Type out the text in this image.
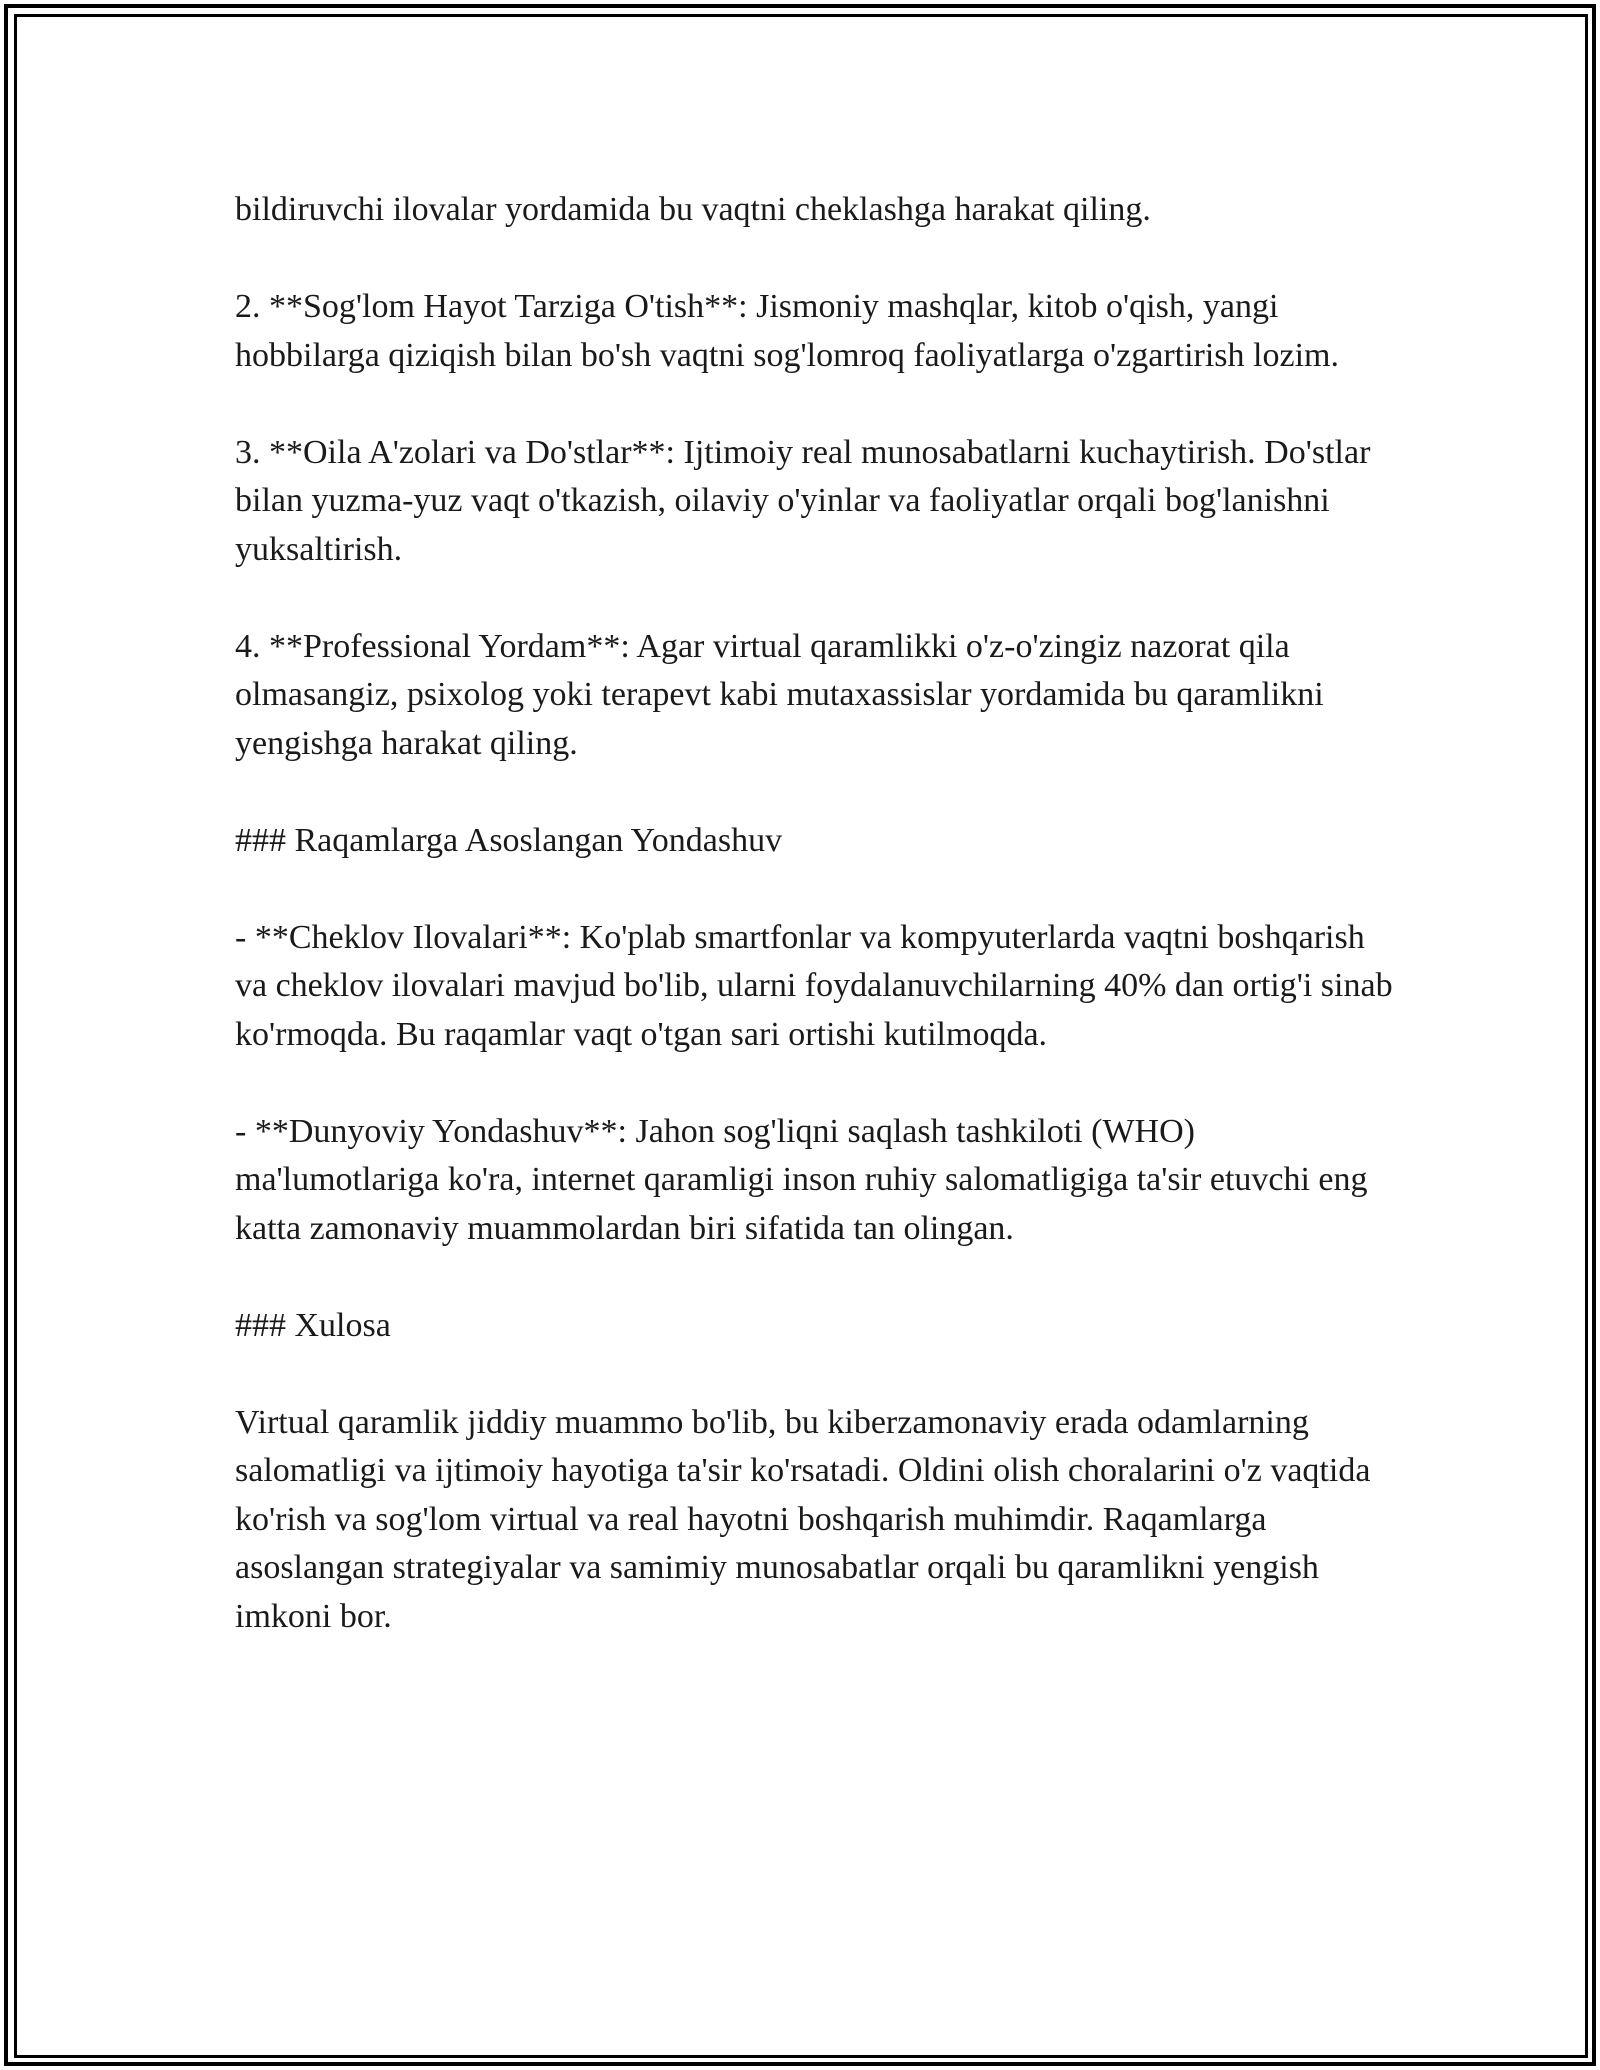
bildiruvchi ilovalar yordamida bu vaqtni cheklashga harakat qiling.

2. **Sog'lom Hayot Tarziga O'tish**: Jismoniy mashqlar, kitob o'qish, yangi hobbilarga qiziqish bilan bo'sh vaqtni sog'lomroq faoliyatlarga o'zgartirish lozim.

3. **Oila A'zolari va Do'stlar**: Ijtimoiy real munosabatlarni kuchaytirish. Do'stlar bilan yuzma-yuz vaqt o'tkazish, oilaviy o'yinlar va faoliyatlar orqali bog'lanishni yuksaltirish.

4. **Professional Yordam**: Agar virtual qaramlikki o'z-o'zingiz nazorat qila olmasangiz, psixolog yoki terapevt kabi mutaxassislar yordamida bu qaramlikni yengishga harakat qiling.

### Raqamlarga Asoslangan Yondashuv

- **Cheklov Ilovalari**: Ko'plab smartfonlar va kompyuterlarda vaqtni boshqarish va cheklov ilovalari mavjud bo'lib, ularni foydalanuvchilarning 40% dan ortig'i sinab ko'rmoqda. Bu raqamlar vaqt o'tgan sari ortishi kutilmoqda.

- **Dunyoviy Yondashuv**: Jahon sog'liqni saqlash tashkiloti (WHO) ma'lumotlariga ko'ra, internet qaramligi inson ruhiy salomatligiga ta'sir etuvchi eng katta zamonaviy muammolardan biri sifatida tan olingan.

### Xulosa

Virtual qaramlik jiddiy muammo bo'lib, bu kiberzamonaviy erada odamlarning salomatligi va ijtimoiy hayotiga ta'sir ko'rsatadi. Oldini olish choralarini o'z vaqtida ko'rish va sog'lom virtual va real hayotni boshqarish muhimdir. Raqamlarga asoslangan strategiyalar va samimiy munosabatlar orqali bu qaramlikni yengish imkoni bor.
